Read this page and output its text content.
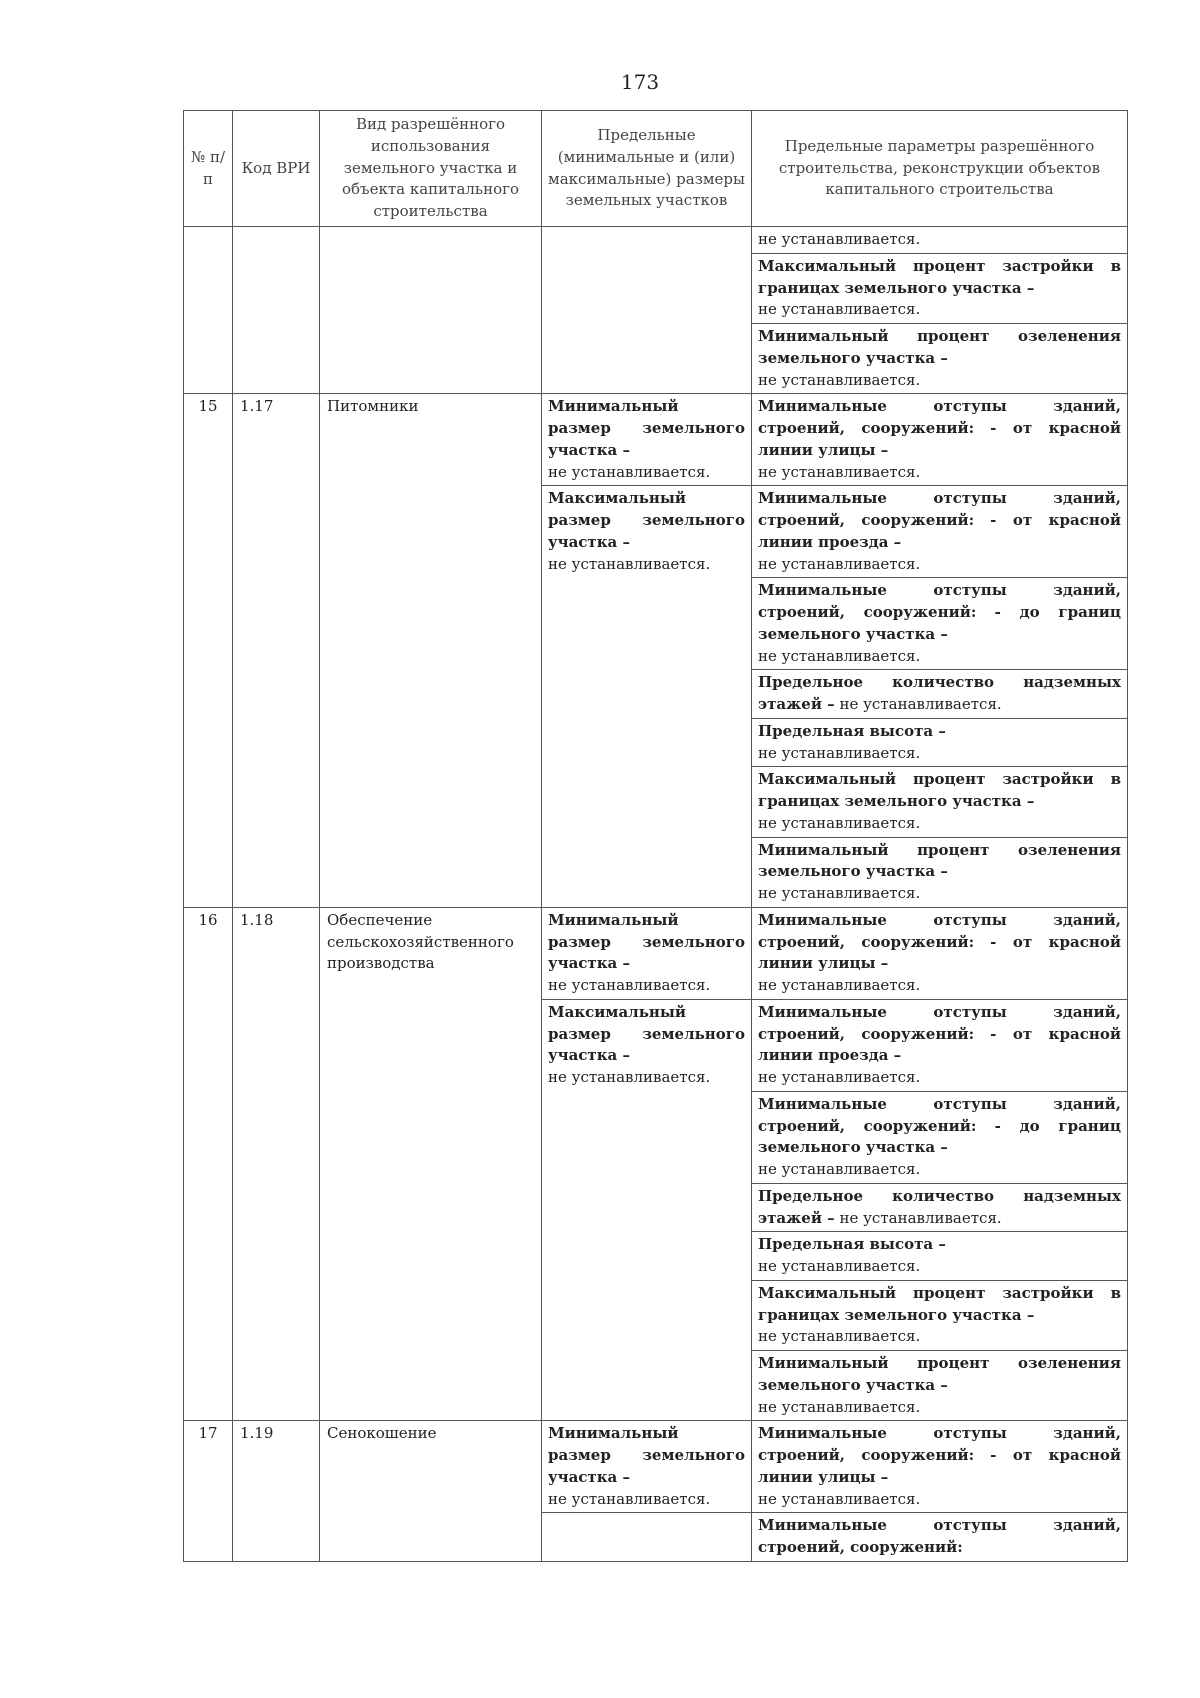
173
№ п/п	Код ВРИ	Вид разрешённого использования земельного участка и объекта капитального строительства	Предельные (минимальные и (или) максимальные) размеры земельных участков	Предельные параметры разрешённого строительства, реконструкции объектов капитального строительства

				не устанавливается.

				Максимальный процент застройки в границах земельного участка –
не устанавливается.

				Минимальный процент озеленения земельного участка –
не устанавливается.

15	1.17	Питомники	Минимальный размер земельного участка –
не устанавливается.	Минимальные отступы зданий, строений, сооружений: - от красной линии улицы –
не устанавливается.

			Максимальный размер земельного участка –
не устанавливается.	Минимальные отступы зданий, строений, сооружений: - от красной линии проезда –
не устанавливается.

				Минимальные отступы зданий, строений, сооружений: - до границ земельного участка –
не устанавливается.

				Предельное количество надземных этажей – не устанавливается.

				Предельная высота –
не устанавливается.

				Максимальный процент застройки в границах земельного участка –
не устанавливается.

				Минимальный процент озеленения земельного участка –
не устанавливается.

16	1.18	Обеспечение сельскохозяйственного производства	Минимальный размер земельного участка –
не устанавливается.	Минимальные отступы зданий, строений, сооружений: - от красной линии улицы –
не устанавливается.

			Максимальный размер земельного участка –
не устанавливается.	Минимальные отступы зданий, строений, сооружений: - от красной линии проезда –
не устанавливается.

				Минимальные отступы зданий, строений, сооружений: - до границ земельного участка –
не устанавливается.

				Предельное количество надземных этажей – не устанавливается.

				Предельная высота –
не устанавливается.

				Максимальный процент застройки в границах земельного участка –
не устанавливается.

				Минимальный процент озеленения земельного участка –
не устанавливается.

17	1.19	Сенокошение	Минимальный размер земельного участка –
не устанавливается.	Минимальные отступы зданий, строений, сооружений: - от красной линии улицы –
не устанавливается.

				Минимальные отступы зданий, строений, сооружений:
